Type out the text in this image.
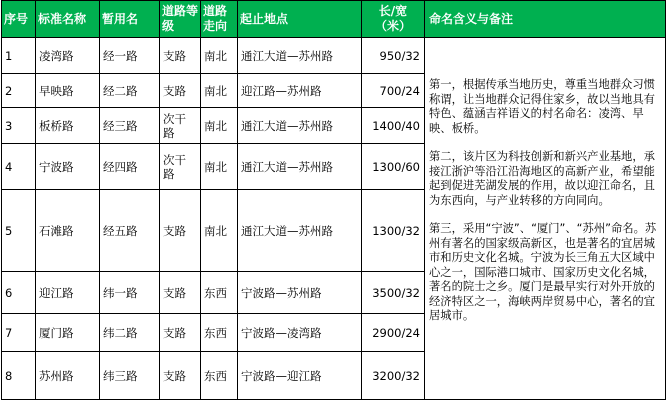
序号	标准名称	暂用名	道路等级	道路走向	起止地点	长/宽（米）	命名含义与备注
1	凌湾路	经一路	支路	南北	通江大道—苏州路	950/32	第一，根据传承当地历史，尊重当地群众习惯称谓，让当地群众记得住家乡，故以当地具有特色、蕴涵吉祥语义的村名命名：凌湾、早映、板桥。

第二，该片区为科技创新和新兴产业基地，承接江浙沪等沿江沿海地区的高新产业，希望能起到促进芜湖发展的作用，故以迎江命名，且为东西向，与产业转移的方向同向。

第三，采用“宁波”、“厦门”、“苏州”命名。苏州有著名的国家级高新区，也是著名的宜居城市和历史文化名城。宁波为长三角五大区域中心之一，国际港口城市、国家历史文化名城，著名的院士之乡。厦门是最早实行对外开放的经济特区之一，海峡两岸贸易中心，著名的宜居城市。

2	早映路	经二路	支路	南北	迎江路—苏州路	700/24	
3	板桥路	经三路	次干路	南北	通江大道—苏州路	1400/40	
4	宁波路	经四路	次干路	南北	通江大道—苏州路	1300/60	
5	石滩路	经五路	支路	南北	通江大道—苏州路	1300/32	
6	迎江路	纬一路	支路	东西	宁波路—苏州路	3500/32	
7	厦门路	纬二路	支路	东西	宁波路—凌湾路	2900/24	
8	苏州路	纬三路	支路	东西	宁波路—迎江路	3200/32	
